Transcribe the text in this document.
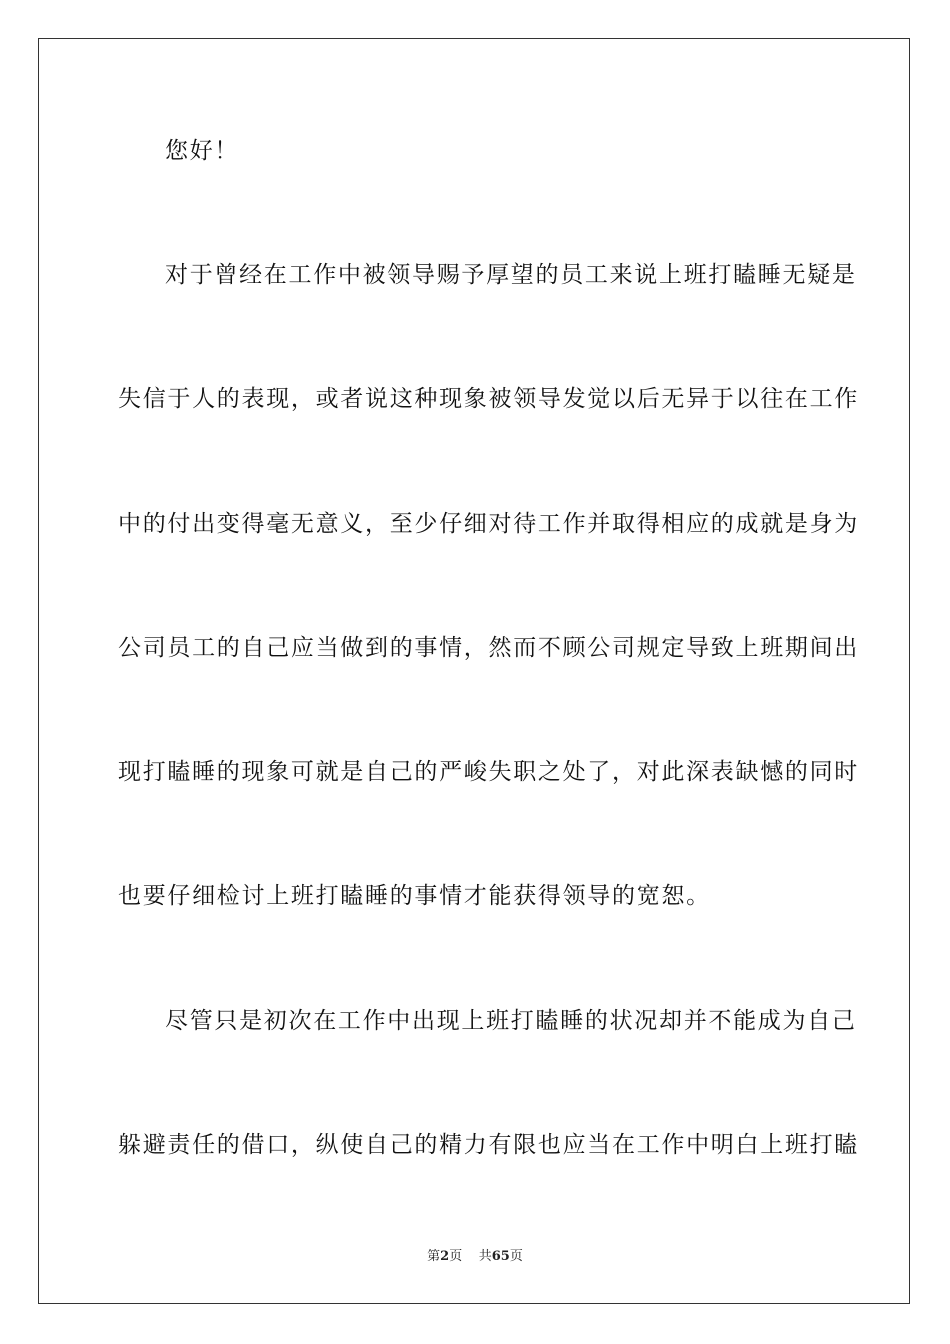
您好！
对于曾经在工作中被领导赐予厚望的员工来说上班打瞌睡无疑是
失信于人的表现，或者说这种现象被领导发觉以后无异于以往在工作
中的付出变得毫无意义，至少仔细对待工作并取得相应的成就是身为
公司员工的自己应当做到的事情，然而不顾公司规定导致上班期间出
现打瞌睡的现象可就是自己的严峻失职之处了，对此深表缺憾的同时
也要仔细检讨上班打瞌睡的事情才能获得领导的宽恕。
尽管只是初次在工作中出现上班打瞌睡的状况却并不能成为自己
躲避责任的借口，纵使自己的精力有限也应当在工作中明白上班打瞌
第2页 共65页
